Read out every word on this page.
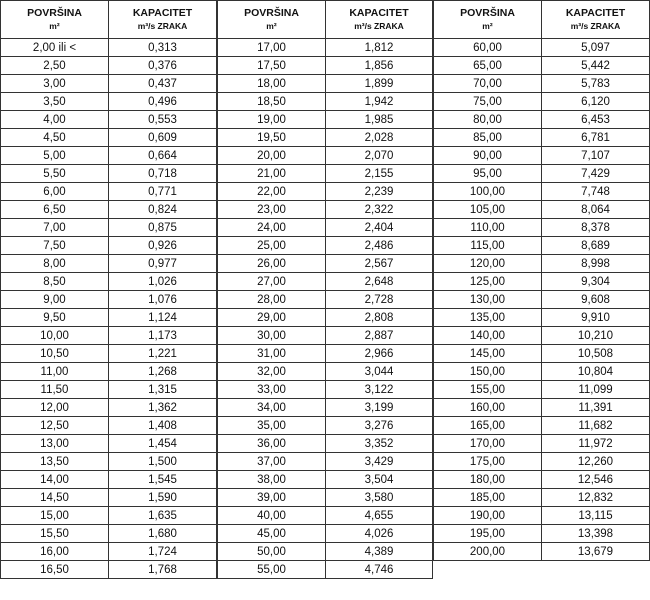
POVRŠINA
m²	KAPACITET
m³/s ZRAKA

2,00 ili <	0,313
2,50	0,376
3,00	0,437
3,50	0,496
4,00	0,553
4,50	0,609
5,00	0,664
5,50	0,718
6,00	0,771
6,50	0,824
7,00	0,875
7,50	0,926
8,00	0,977
8,50	1,026
9,00	1,076
9,50	1,124
10,00	1,173
10,50	1,221
11,00	1,268
11,50	1,315
12,00	1,362
12,50	1,408
13,00	1,454
13,50	1,500
14,00	1,545
14,50	1,590
15,00	1,635
15,50	1,680
16,00	1,724
16,50	1,768
POVRŠINA
m²	KAPACITET
m³/s ZRAKA

17,00	1,812
17,50	1,856
18,00	1,899
18,50	1,942
19,00	1,985
19,50	2,028
20,00	2,070
21,00	2,155
22,00	2,239
23,00	2,322
24,00	2,404
25,00	2,486
26,00	2,567
27,00	2,648
28,00	2,728
29,00	2,808
30,00	2,887
31,00	2,966
32,00	3,044
33,00	3,122
34,00	3,199
35,00	3,276
36,00	3,352
37,00	3,429
38,00	3,504
39,00	3,580
40,00	4,655
45,00	4,026
50,00	4,389
55,00	4,746
POVRŠINA
m²	KAPACITET
m³/s ZRAKA

60,00	5,097
65,00	5,442
70,00	5,783
75,00	6,120
80,00	6,453
85,00	6,781
90,00	7,107
95,00	7,429
100,00	7,748
105,00	8,064
110,00	8,378
115,00	8,689
120,00	8,998
125,00	9,304
130,00	9,608
135,00	9,910
140,00	10,210
145,00	10,508
150,00	10,804
155,00	11,099
160,00	11,391
165,00	11,682
170,00	11,972
175,00	12,260
180,00	12,546
185,00	12,832
190,00	13,115
195,00	13,398
200,00	13,679
